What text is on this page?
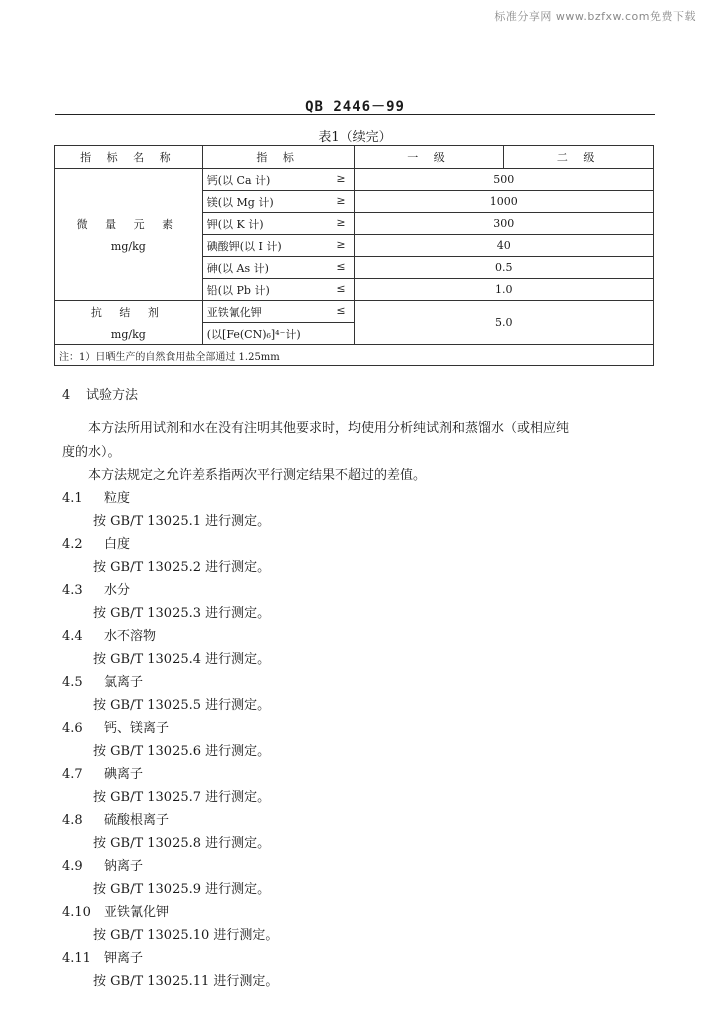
标准分享网 www.bzfxw.com免费下载
QB 2446－99
表1（续完）
指 标 名 称	指 标	一 级	二 级

微 量 元 素
mg/kg	钙(以 Ca 计) ≥	500	
	镁(以 Mg 计) ≥	1000	
	钾(以 K 计) ≥	300	
	碘酸钾(以 I 计) ≥	40	
	砷(以 As 计) ≤	0.5	
	铅(以 Pb 计) ≤	1.0	

抗 结 剂
mg/kg	亚铁氰化钾 ≤	5.0	
	(以[Fe(CN)₆]⁴⁻计)		
注：1）日晒生产的自然食用盐全部通过 1.25mm			
4 试验方法
本方法所用试剂和水在没有注明其他要求时，均使用分析纯试剂和蒸馏水（或相应纯
度的水）。
本方法规定之允许差系指两次平行测定结果不超过的差值。
4.1 粒度
按 GB/T 13025.1 进行测定。
4.2 白度
按 GB/T 13025.2 进行测定。
4.3 水分
按 GB/T 13025.3 进行测定。
4.4 水不溶物
按 GB/T 13025.4 进行测定。
4.5 氯离子
按 GB/T 13025.5 进行测定。
4.6 钙、镁离子
按 GB/T 13025.6 进行测定。
4.7 碘离子
按 GB/T 13025.7 进行测定。
4.8 硫酸根离子
按 GB/T 13025.8 进行测定。
4.9 钠离子
按 GB/T 13025.9 进行测定。
4.10 亚铁氰化钾
按 GB/T 13025.10 进行测定。
4.11 钾离子
按 GB/T 13025.11 进行测定。
